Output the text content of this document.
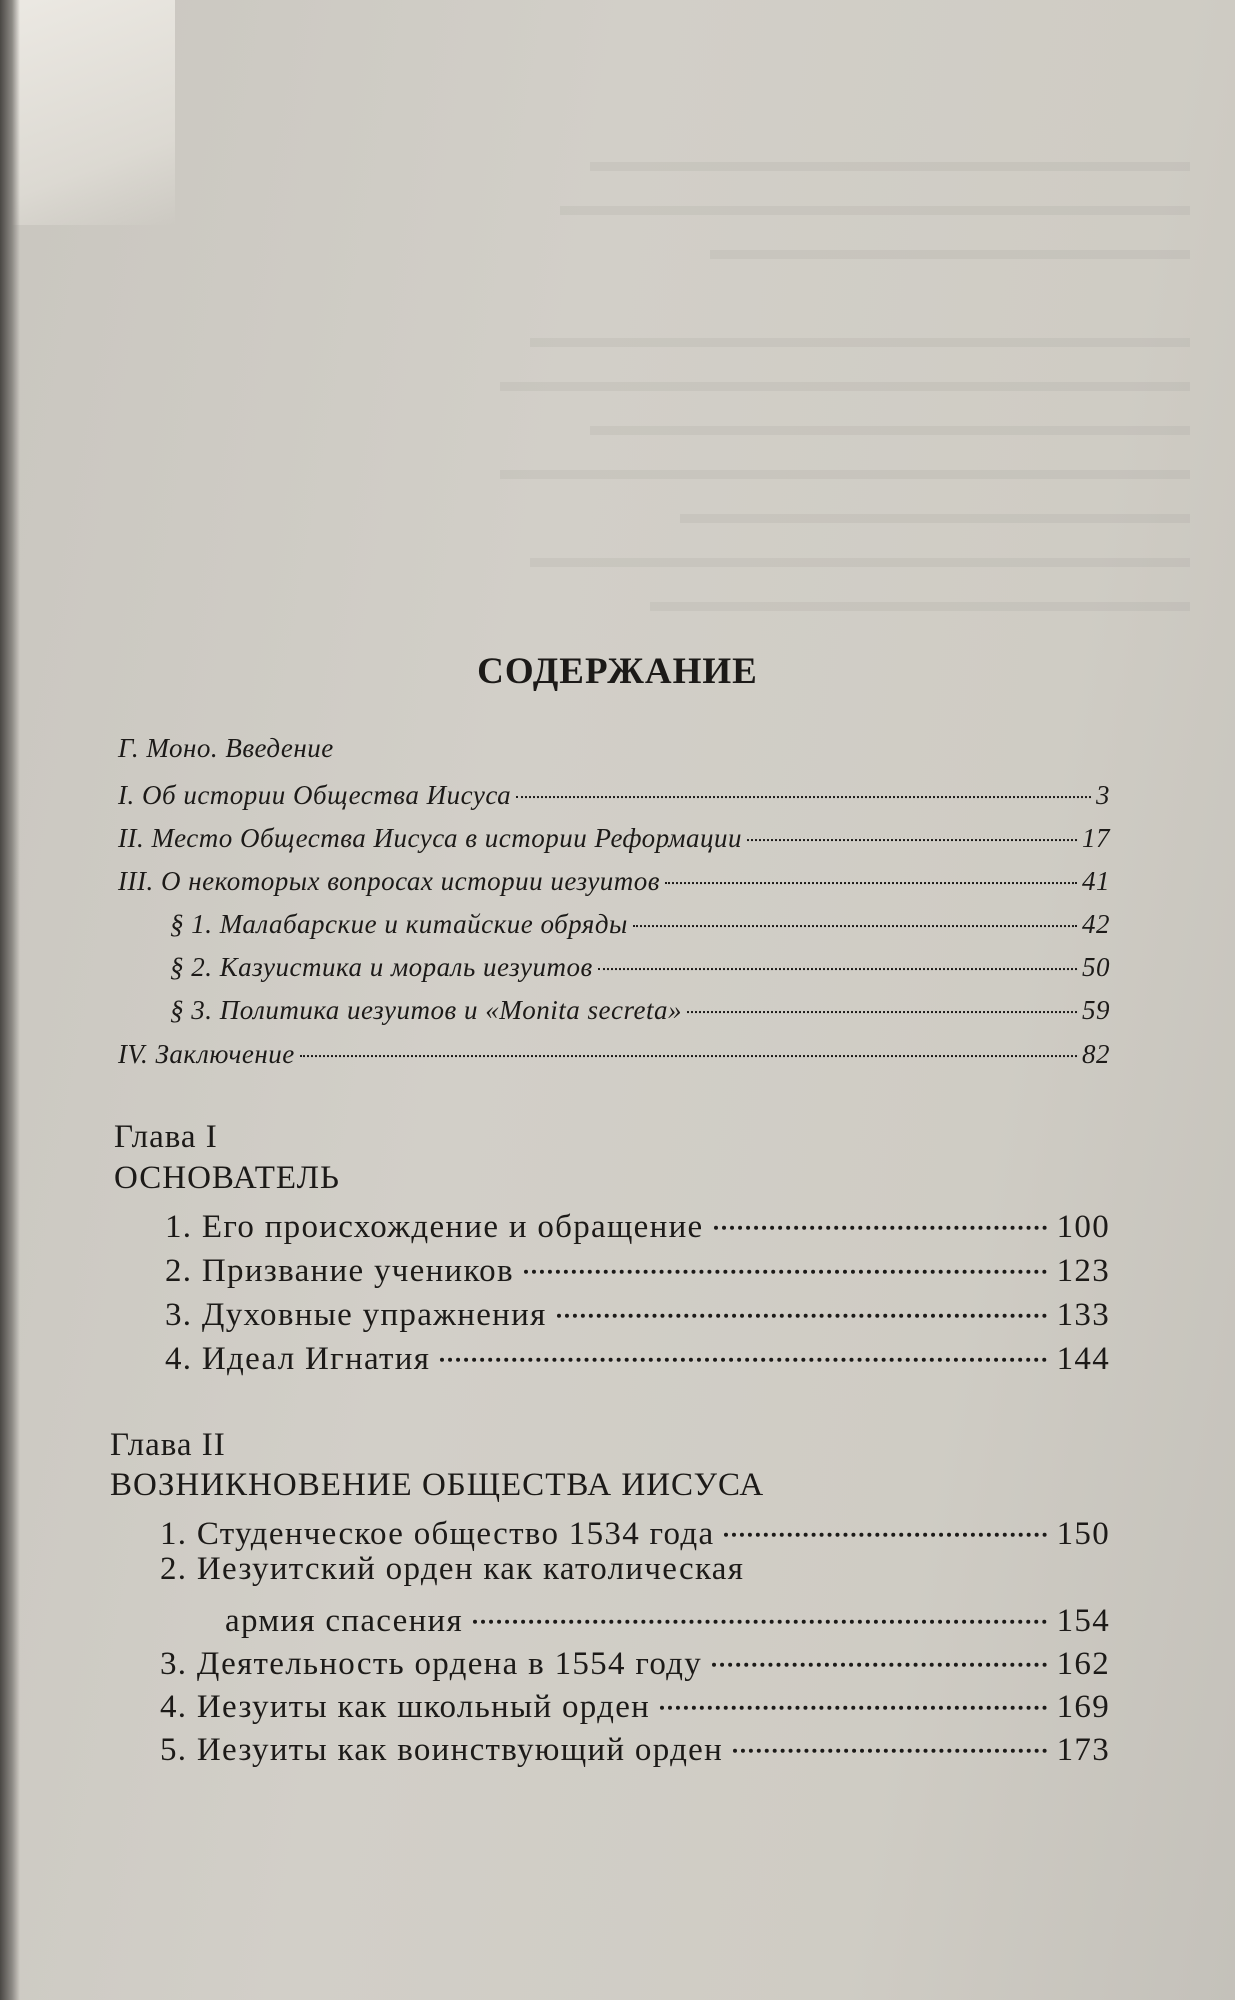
▬▬▬▬▬▬▬▬▬▬▬▬▬▬▬▬▬▬▬▬
▬▬▬▬▬▬▬▬▬▬▬▬▬▬▬▬▬▬▬▬▬
▬▬▬▬▬▬▬▬▬▬▬▬▬▬▬▬

▬▬▬▬▬▬▬▬▬▬▬▬▬▬▬▬▬▬▬▬▬▬
▬▬▬▬▬▬▬▬▬▬▬▬▬▬▬▬▬▬▬▬▬▬▬
▬▬▬▬▬▬▬▬▬▬▬▬▬▬▬▬▬▬▬▬
▬▬▬▬▬▬▬▬▬▬▬▬▬▬▬▬▬▬▬▬▬▬▬
▬▬▬▬▬▬▬▬▬▬▬▬▬▬▬▬▬
▬▬▬▬▬▬▬▬▬▬▬▬▬▬▬▬▬▬▬▬▬▬
▬▬▬▬▬▬▬▬▬▬▬▬▬▬▬▬▬▬
СОДЕРЖАНИЕ
Г. Моно. Введение
I. Об истории Общества Иисуса	3
II. Место Общества Иисуса в истории Реформации	17
III. О некоторых вопросах истории иезуитов	41
§ 1. Малабарские и китайские обряды	42
§ 2. Казуистика и мораль иезуитов	50
§ 3. Политика иезуитов и «Monita secreta»	59
IV. Заключение	82
Глава I
ОСНОВАТЕЛЬ
1. Его происхождение и обращение	100
2. Призвание учеников	123
3. Духовные упражнения	133
4. Идеал Игнатия	144
Глава II
ВОЗНИКНОВЕНИЕ ОБЩЕСТВА ИИСУСА
1. Студенческое общество 1534 года	150
2. Иезуитский орден как католическая
армия спасения	154
3. Деятельность ордена в 1554 году	162
4. Иезуиты как школьный орден	169
5. Иезуиты как воинствующий орден	173
